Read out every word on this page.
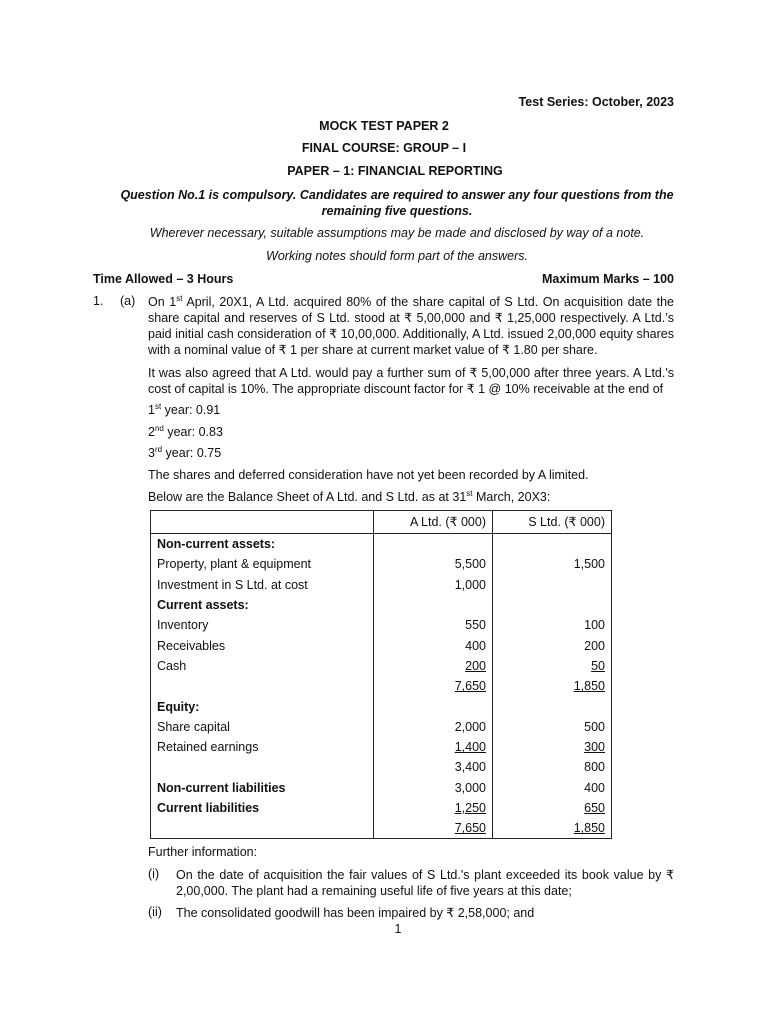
Test Series: October, 2023
MOCK TEST PAPER 2
FINAL COURSE: GROUP – I
PAPER – 1: FINANCIAL REPORTING
Question No.1 is compulsory. Candidates are required to answer any four questions from the remaining five questions.
Wherever necessary, suitable assumptions may be made and disclosed by way of a note.
Working notes should form part of the answers.
Time Allowed – 3 Hours	Maximum Marks – 100
1. (a) On 1st April, 20X1, A Ltd. acquired 80% of the share capital of S Ltd. On acquisition date the share capital and reserves of S Ltd. stood at ₹ 5,00,000 and ₹ 1,25,000 respectively. A Ltd.’s paid initial cash consideration of ₹ 10,00,000. Additionally, A Ltd. issued 2,00,000 equity shares with a nominal value of ₹ 1 per share at current market value of ₹ 1.80 per share.
It was also agreed that A Ltd. would pay a further sum of ₹ 5,00,000 after three years. A Ltd.'s cost of capital is 10%. The appropriate discount factor for ₹ 1 @ 10% receivable at the end of
1st year: 0.91
2nd year: 0.83
3rd year: 0.75
The shares and deferred consideration have not yet been recorded by A limited.
Below are the Balance Sheet of A Ltd. and S Ltd. as at 31st March, 20X3:
	A Ltd. (₹ 000)	S Ltd. (₹ 000)
Non-current assets:		
Property, plant & equipment	5,500	1,500
Investment in S Ltd. at cost	1,000	
Current assets:		
Inventory	550	100
Receivables	400	200
Cash	200	50
	7,650	1,850
Equity:		
Share capital	2,000	500
Retained earnings	1,400	300
	3,400	800
Non-current liabilities	3,000	400
Current liabilities	1,250	650
	7,650	1,850
Further information:
(i) On the date of acquisition the fair values of S Ltd.'s plant exceeded its book value by ₹ 2,00,000. The plant had a remaining useful life of five years at this date;
(ii) The consolidated goodwill has been impaired by ₹ 2,58,000; and
1
